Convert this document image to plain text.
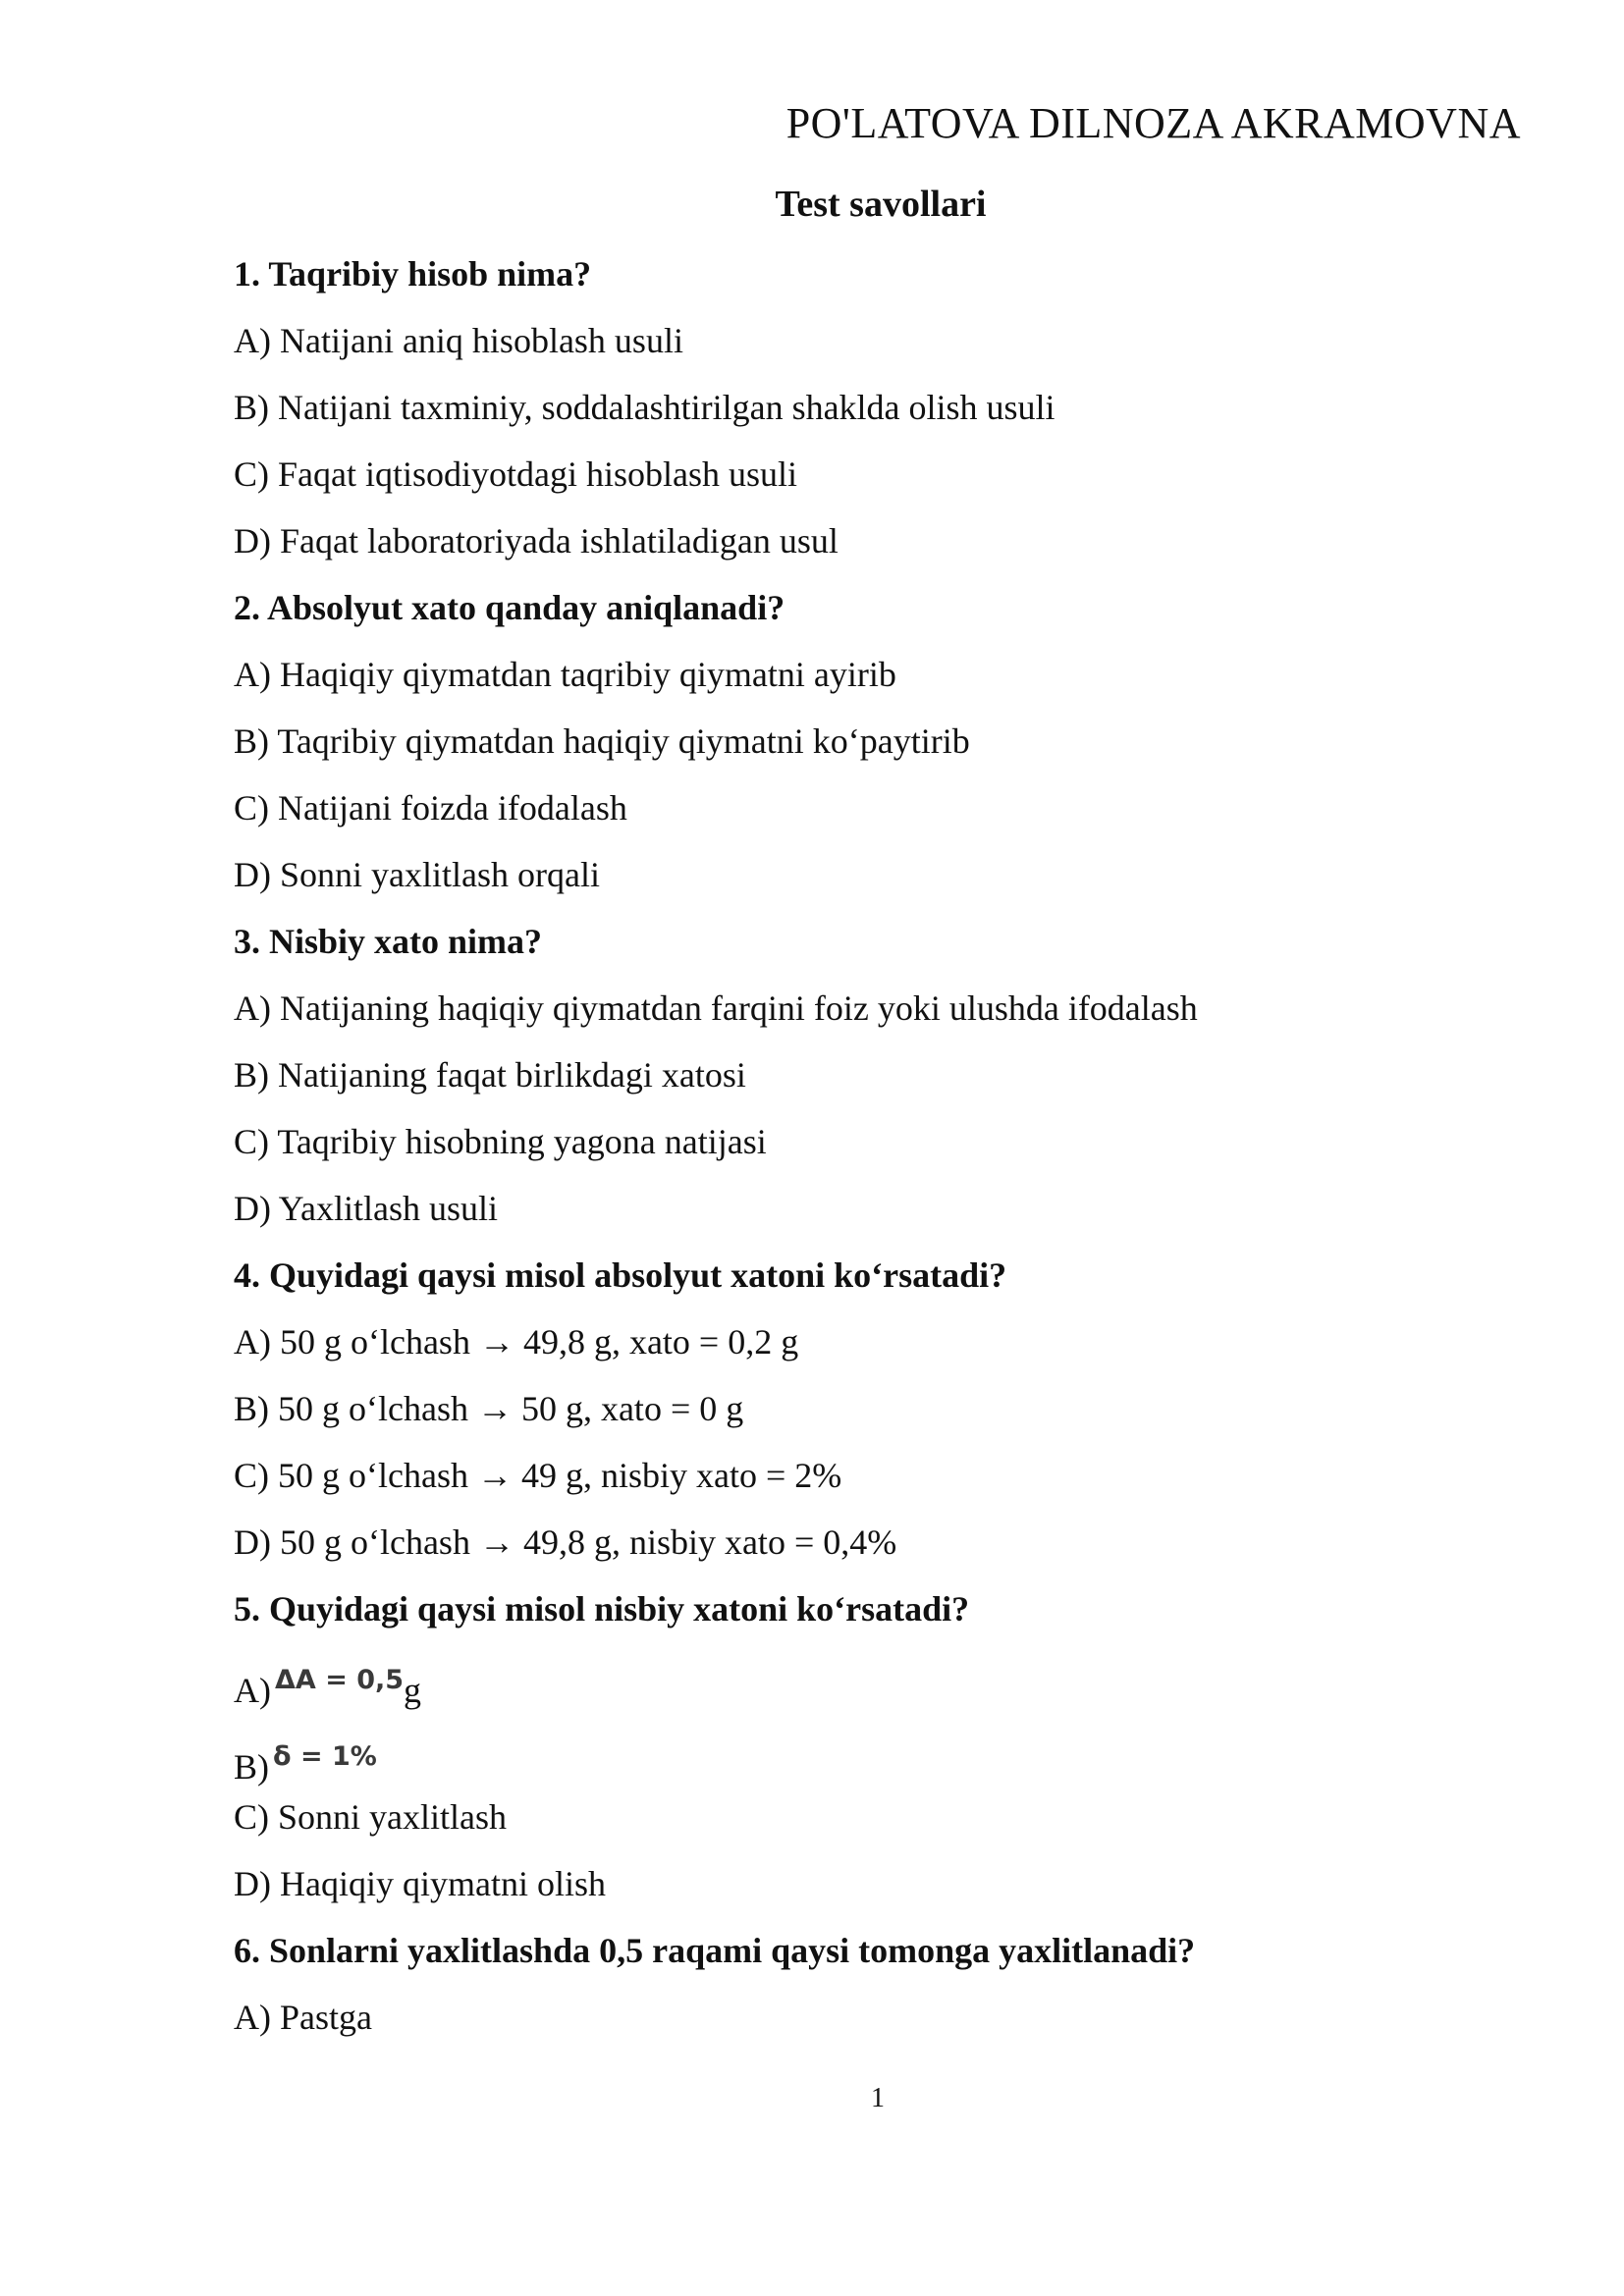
PO'LATOVA DILNOZA AKRAMOVNA
Test savollari
1. Taqribiy hisob nima?
A) Natijani aniq hisoblash usuli
B) Natijani taxminiy, soddalashtirilgan shaklda olish usuli
C) Faqat iqtisodiyotdagi hisoblash usuli
D) Faqat laboratoriyada ishlatiladigan usul
2. Absolyut xato qanday aniqlanadi?
A) Haqiqiy qiymatdan taqribiy qiymatni ayirib
B) Taqribiy qiymatdan haqiqiy qiymatni ko‘paytirib
C) Natijani foizda ifodalash
D) Sonni yaxlitlash orqali
3. Nisbiy xato nima?
A) Natijaning haqiqiy qiymatdan farqini foiz yoki ulushda ifodalash
B) Natijaning faqat birlikdagi xatosi
C) Taqribiy hisobning yagona natijasi
D) Yaxlitlash usuli
4. Quyidagi qaysi misol absolyut xatoni ko‘rsatadi?
A) 50 g o‘lchash → 49,8 g, xato = 0,2 g
B) 50 g o‘lchash → 50 g, xato = 0 g
C) 50 g o‘lchash → 49 g, nisbiy xato = 2%
D) 50 g o‘lchash → 49,8 g, nisbiy xato = 0,4%
5. Quyidagi qaysi misol nisbiy xatoni ko‘rsatadi?
A) ΔA = 0,5g
B) δ = 1%
C) Sonni yaxlitlash
D) Haqiqiy qiymatni olish
6. Sonlarni yaxlitlashda 0,5 raqami qaysi tomonga yaxlitlanadi?
A) Pastga
1
